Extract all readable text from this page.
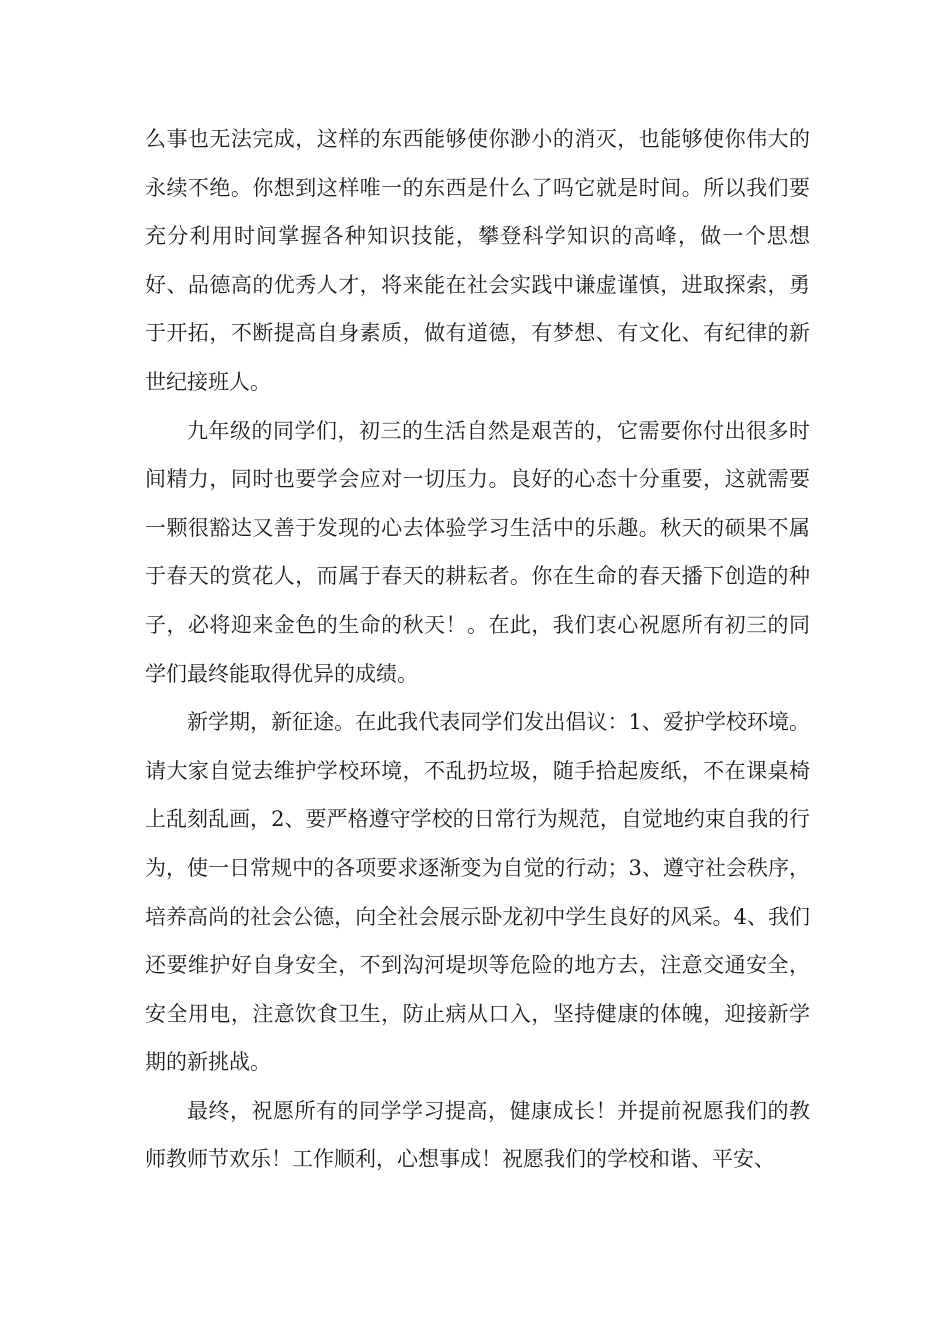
么事也无法完成，这样的东西能够使你渺小的消灭，也能够使你伟大的永续不绝。你想到这样唯一的东西是什么了吗它就是时间。所以我们要充分利用时间掌握各种知识技能，攀登科学知识的高峰，做一个思想好、品德高的优秀人才，将来能在社会实践中谦虚谨慎，进取探索，勇于开拓，不断提高自身素质，做有道德，有梦想、有文化、有纪律的新世纪接班人。

九年级的同学们，初三的生活自然是艰苦的，它需要你付出很多时间精力，同时也要学会应对一切压力。良好的心态十分重要，这就需要一颗很豁达又善于发现的心去体验学习生活中的乐趣。秋天的硕果不属于春天的赏花人，而属于春天的耕耘者。你在生命的春天播下创造的种子，必将迎来金色的生命的秋天！。在此，我们衷心祝愿所有初三的同学们最终能取得优异的成绩。

新学期，新征途。在此我代表同学们发出倡议：1、爱护学校环境。请大家自觉去维护学校环境，不乱扔垃圾，随手拾起废纸，不在课桌椅上乱刻乱画，2、要严格遵守学校的日常行为规范，自觉地约束自我的行为，使一日常规中的各项要求逐渐变为自觉的行动；3、遵守社会秩序，培养高尚的社会公德，向全社会展示卧龙初中学生良好的风采。4、我们还要维护好自身安全，不到沟河堤坝等危险的地方去，注意交通安全，安全用电，注意饮食卫生，防止病从口入，坚持健康的体魄，迎接新学期的新挑战。

最终，祝愿所有的同学学习提高，健康成长！并提前祝愿我们的教师教师节欢乐！工作顺利，心想事成！祝愿我们的学校和谐、平安、
